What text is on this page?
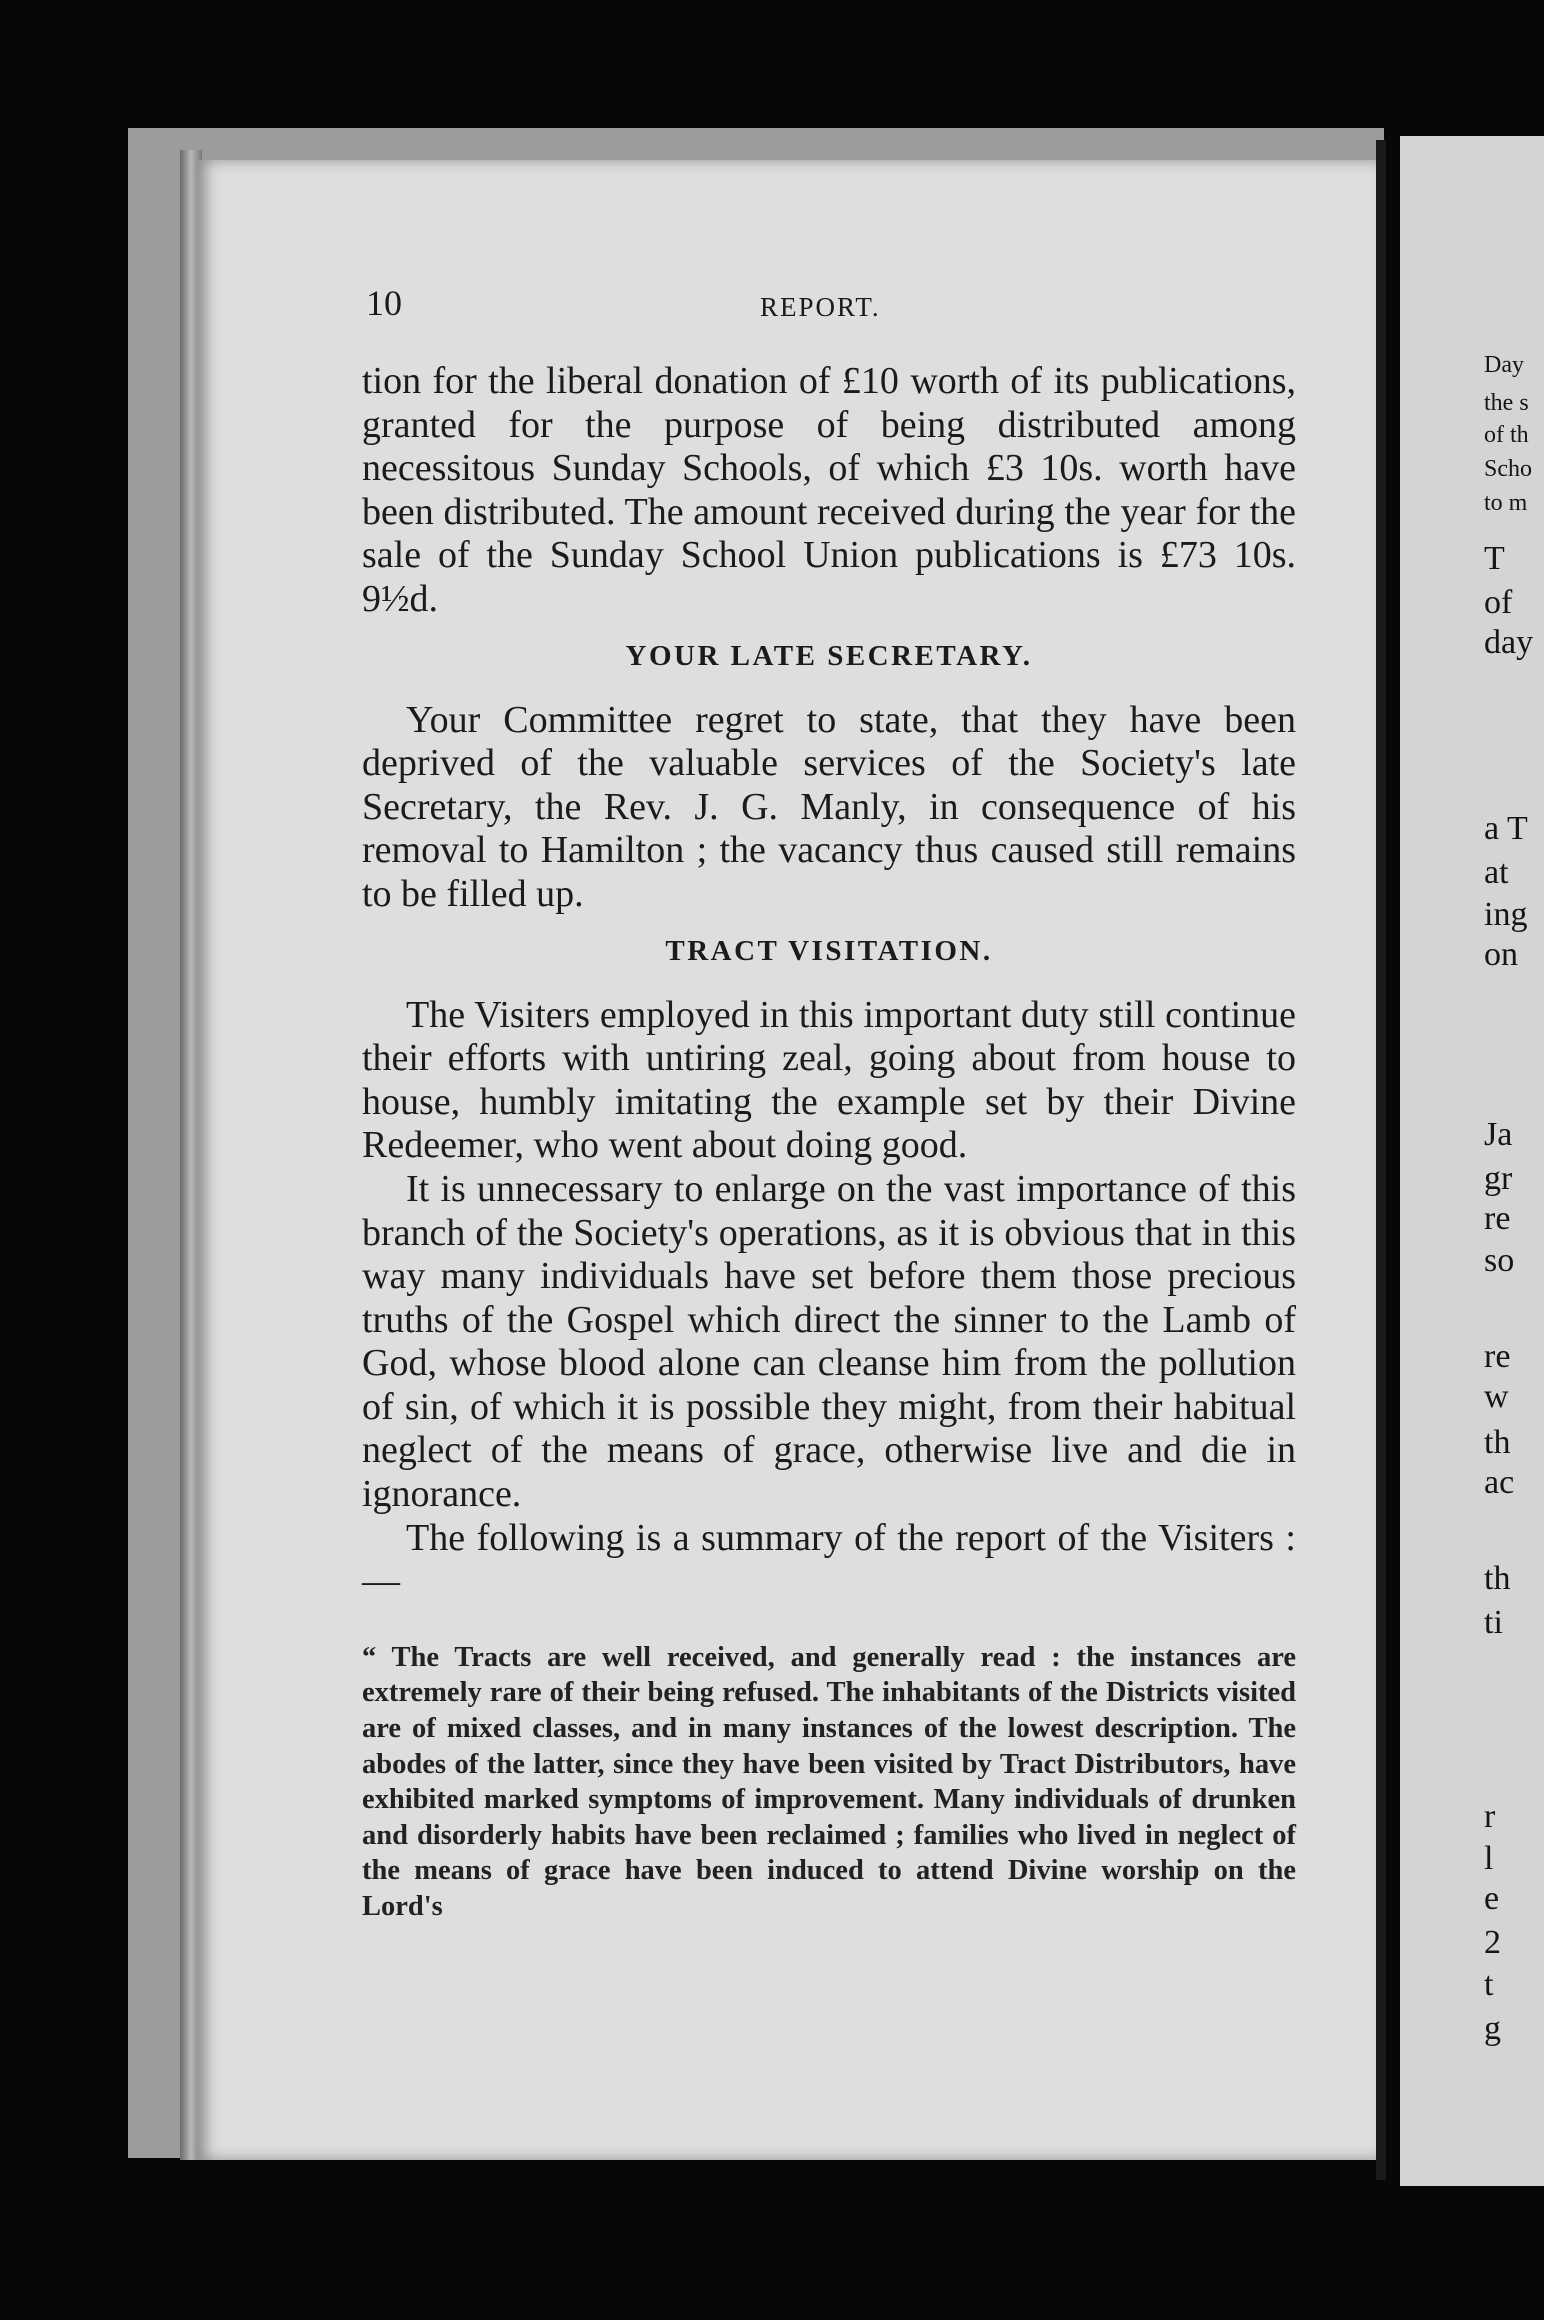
10	REPORT.

tion for the liberal donation of £10 worth of its publications, granted for the purpose of being distributed among necessitous Sunday Schools, of which £3 10s. worth have been distributed. The amount received during the year for the sale of the Sunday School Union publications is £73 10s. 9½d.

YOUR LATE SECRETARY.

Your Committee regret to state, that they have been deprived of the valuable services of the Society's late Secretary, the Rev. J. G. Manly, in consequence of his removal to Hamilton ; the vacancy thus caused still remains to be filled up.

TRACT VISITATION.

The Visiters employed in this important duty still continue their efforts with untiring zeal, going about from house to house, humbly imitating the example set by their Divine Redeemer, who went about doing good.

It is unnecessary to enlarge on the vast importance of this branch of the Society's operations, as it is obvious that in this way many individuals have set before them those precious truths of the Gospel which direct the sinner to the Lamb of God, whose blood alone can cleanse him from the pollution of sin, of which it is possible they might, from their habitual neglect of the means of grace, otherwise live and die in ignorance.

The following is a summary of the report of the Visiters :—

“ The Tracts are well received, and generally read : the instances are extremely rare of their being refused. The inhabitants of the Districts visited are of mixed classes, and in many instances of the lowest description. The abodes of the latter, since they have been visited by Tract Distributors, have exhibited marked symptoms of improvement. Many individuals of drunken and disorderly habits have been reclaimed ; families who lived in neglect of the means of grace have been induced to attend Divine worship on the Lord's

Day
the s
of th
Scho
to m
T
of
day
a T
at
ing
on
Ja
gr
re
so
re
w
th
ac
th
ti
r
l
e
2
t
g
